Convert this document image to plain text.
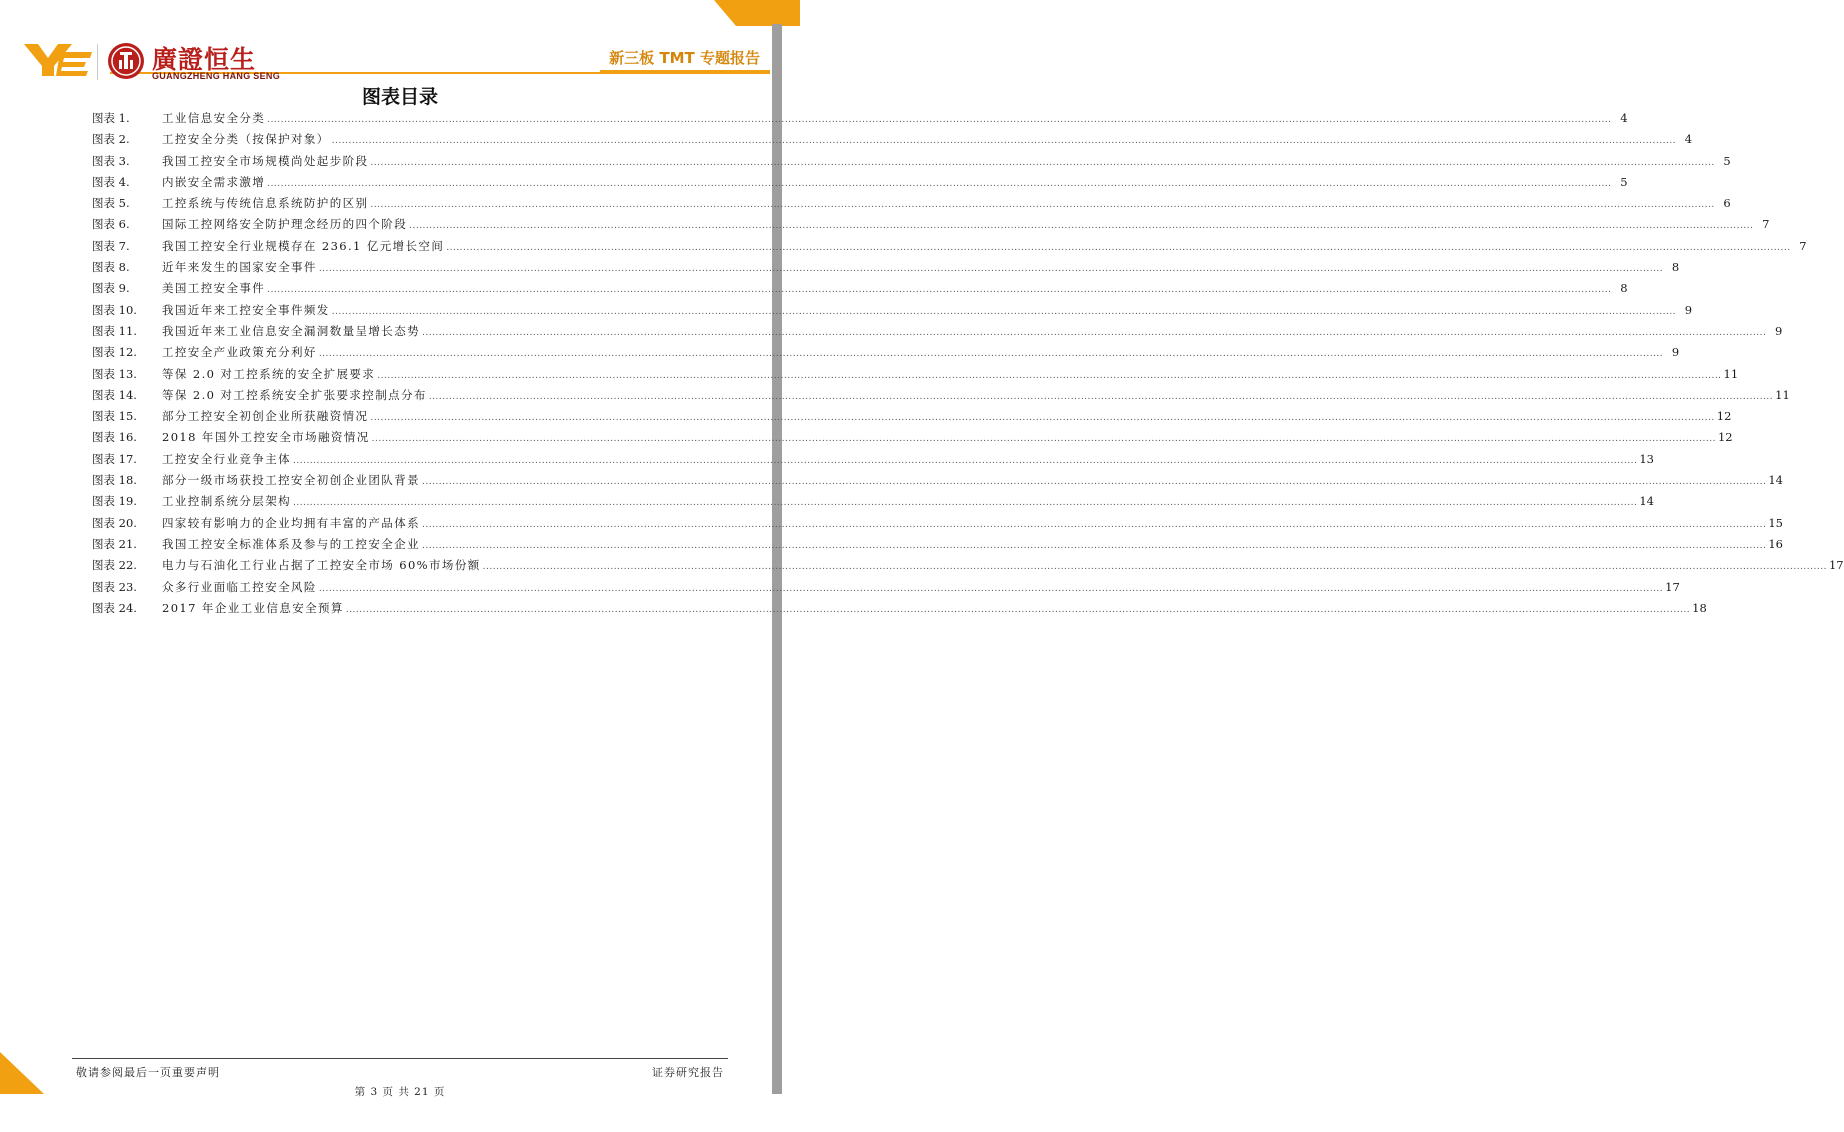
廣證恒生
GUANGZHENG HANG SENG
新三板 TMT 专题报告
图表目录
图表 1.	工业信息安全分类 ................................................................................................................................................................................................................................................................................................................................................................................................................ 4
图表 2.	工控安全分类（按保护对象） ................................................................................................................................................................................................................................................................................................................................................................................................................ 4
图表 3.	我国工控安全市场规模尚处起步阶段 ................................................................................................................................................................................................................................................................................................................................................................................................................ 5
图表 4.	内嵌安全需求激增 ................................................................................................................................................................................................................................................................................................................................................................................................................ 5
图表 5.	工控系统与传统信息系统防护的区别 ................................................................................................................................................................................................................................................................................................................................................................................................................ 6
图表 6.	国际工控网络安全防护理念经历的四个阶段 ................................................................................................................................................................................................................................................................................................................................................................................................................ 7
图表 7.	我国工控安全行业规模存在 236.1 亿元增长空间 ................................................................................................................................................................................................................................................................................................................................................................................................................ 7
图表 8.	近年来发生的国家安全事件 ................................................................................................................................................................................................................................................................................................................................................................................................................ 8
图表 9.	美国工控安全事件 ................................................................................................................................................................................................................................................................................................................................................................................................................ 8
图表 10.	我国近年来工控安全事件频发 ................................................................................................................................................................................................................................................................................................................................................................................................................ 9
图表 11.	我国近年来工业信息安全漏洞数量呈增长态势 ................................................................................................................................................................................................................................................................................................................................................................................................................ 9
图表 12.	工控安全产业政策充分利好 ................................................................................................................................................................................................................................................................................................................................................................................................................ 9
图表 13.	等保 2.0 对工控系统的安全扩展要求 ................................................................................................................................................................................................................................................................................................................................................................................................................ 11
图表 14.	等保 2.0 对工控系统安全扩张要求控制点分布 ................................................................................................................................................................................................................................................................................................................................................................................................................ 11
图表 15.	部分工控安全初创企业所获融资情况 ................................................................................................................................................................................................................................................................................................................................................................................................................ 12
图表 16.	2018 年国外工控安全市场融资情况 ................................................................................................................................................................................................................................................................................................................................................................................................................ 12
图表 17.	工控安全行业竞争主体 ................................................................................................................................................................................................................................................................................................................................................................................................................ 13
图表 18.	部分一级市场获投工控安全初创企业团队背景 ................................................................................................................................................................................................................................................................................................................................................................................................................ 14
图表 19.	工业控制系统分层架构 ................................................................................................................................................................................................................................................................................................................................................................................................................ 14
图表 20.	四家较有影响力的企业均拥有丰富的产品体系 ................................................................................................................................................................................................................................................................................................................................................................................................................ 15
图表 21.	我国工控安全标准体系及参与的工控安全企业 ................................................................................................................................................................................................................................................................................................................................................................................................................ 16
图表 22.	电力与石油化工行业占据了工控安全市场 60%市场份额 ................................................................................................................................................................................................................................................................................................................................................................................................................ 17
图表 23.	众多行业面临工控安全风险 ................................................................................................................................................................................................................................................................................................................................................................................................................ 17
图表 24.	2017 年企业工业信息安全预算 ................................................................................................................................................................................................................................................................................................................................................................................................................ 18
敬请参阅最后一页重要声明	证券研究报告
第 3 页 共 21 页
